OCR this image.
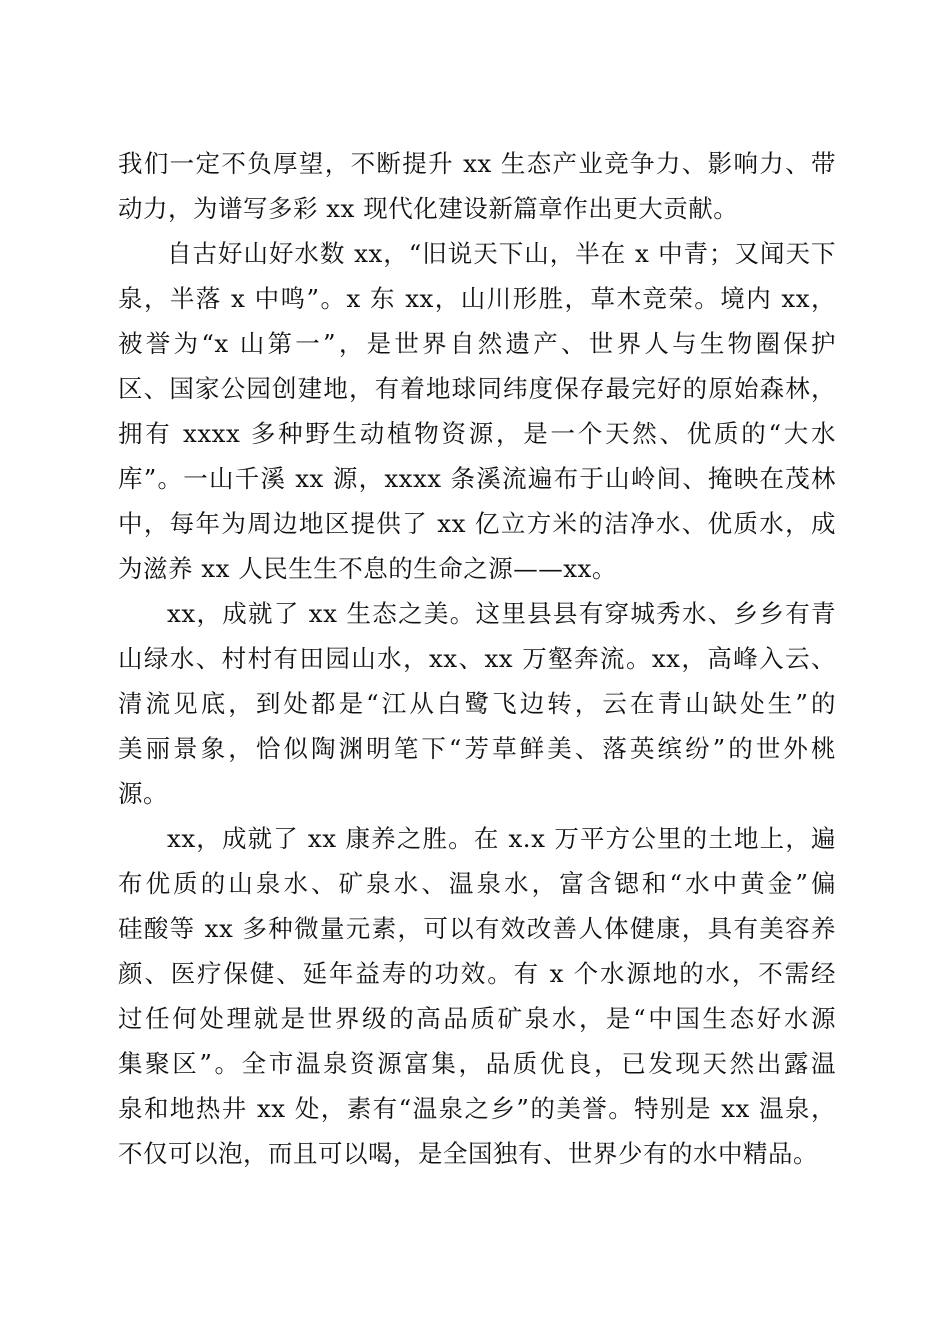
我们一定不负厚望，不断提升 xx 生态产业竞争力、影响力、带
动力，为谱写多彩 xx 现代化建设新篇章作出更大贡献。
自古好山好水数 xx，“旧说天下山，半在 x 中青；又闻天下
泉，半落 x 中鸣”。x 东 xx，山川形胜，草木竞荣。境内 xx，
被誉为“x 山第一”，是世界自然遗产、世界人与生物圈保护
区、国家公园创建地，有着地球同纬度保存最完好的原始森林，
拥有 xxxx 多种野生动植物资源，是一个天然、优质的“大水
库”。一山千溪 xx 源，xxxx 条溪流遍布于山岭间、掩映在茂林
中，每年为周边地区提供了 xx 亿立方米的洁净水、优质水，成
为滋养 xx 人民生生不息的生命之源——xx。
xx，成就了 xx 生态之美。这里县县有穿城秀水、乡乡有青
山绿水、村村有田园山水，xx、xx 万壑奔流。xx，高峰入云、
清流见底，到处都是“江从白鹭飞边转，云在青山缺处生”的
美丽景象，恰似陶渊明笔下“芳草鲜美、落英缤纷”的世外桃
源。
xx，成就了 xx 康养之胜。在 x.x 万平方公里的土地上，遍
布优质的山泉水、矿泉水、温泉水，富含锶和“水中黄金”偏
硅酸等 xx 多种微量元素，可以有效改善人体健康，具有美容养
颜、医疗保健、延年益寿的功效。有 x 个水源地的水，不需经
过任何处理就是世界级的高品质矿泉水，是“中国生态好水源
集聚区”。全市温泉资源富集，品质优良，已发现天然出露温
泉和地热井 xx 处，素有“温泉之乡”的美誉。特别是 xx 温泉，
不仅可以泡，而且可以喝，是全国独有、世界少有的水中精品。
